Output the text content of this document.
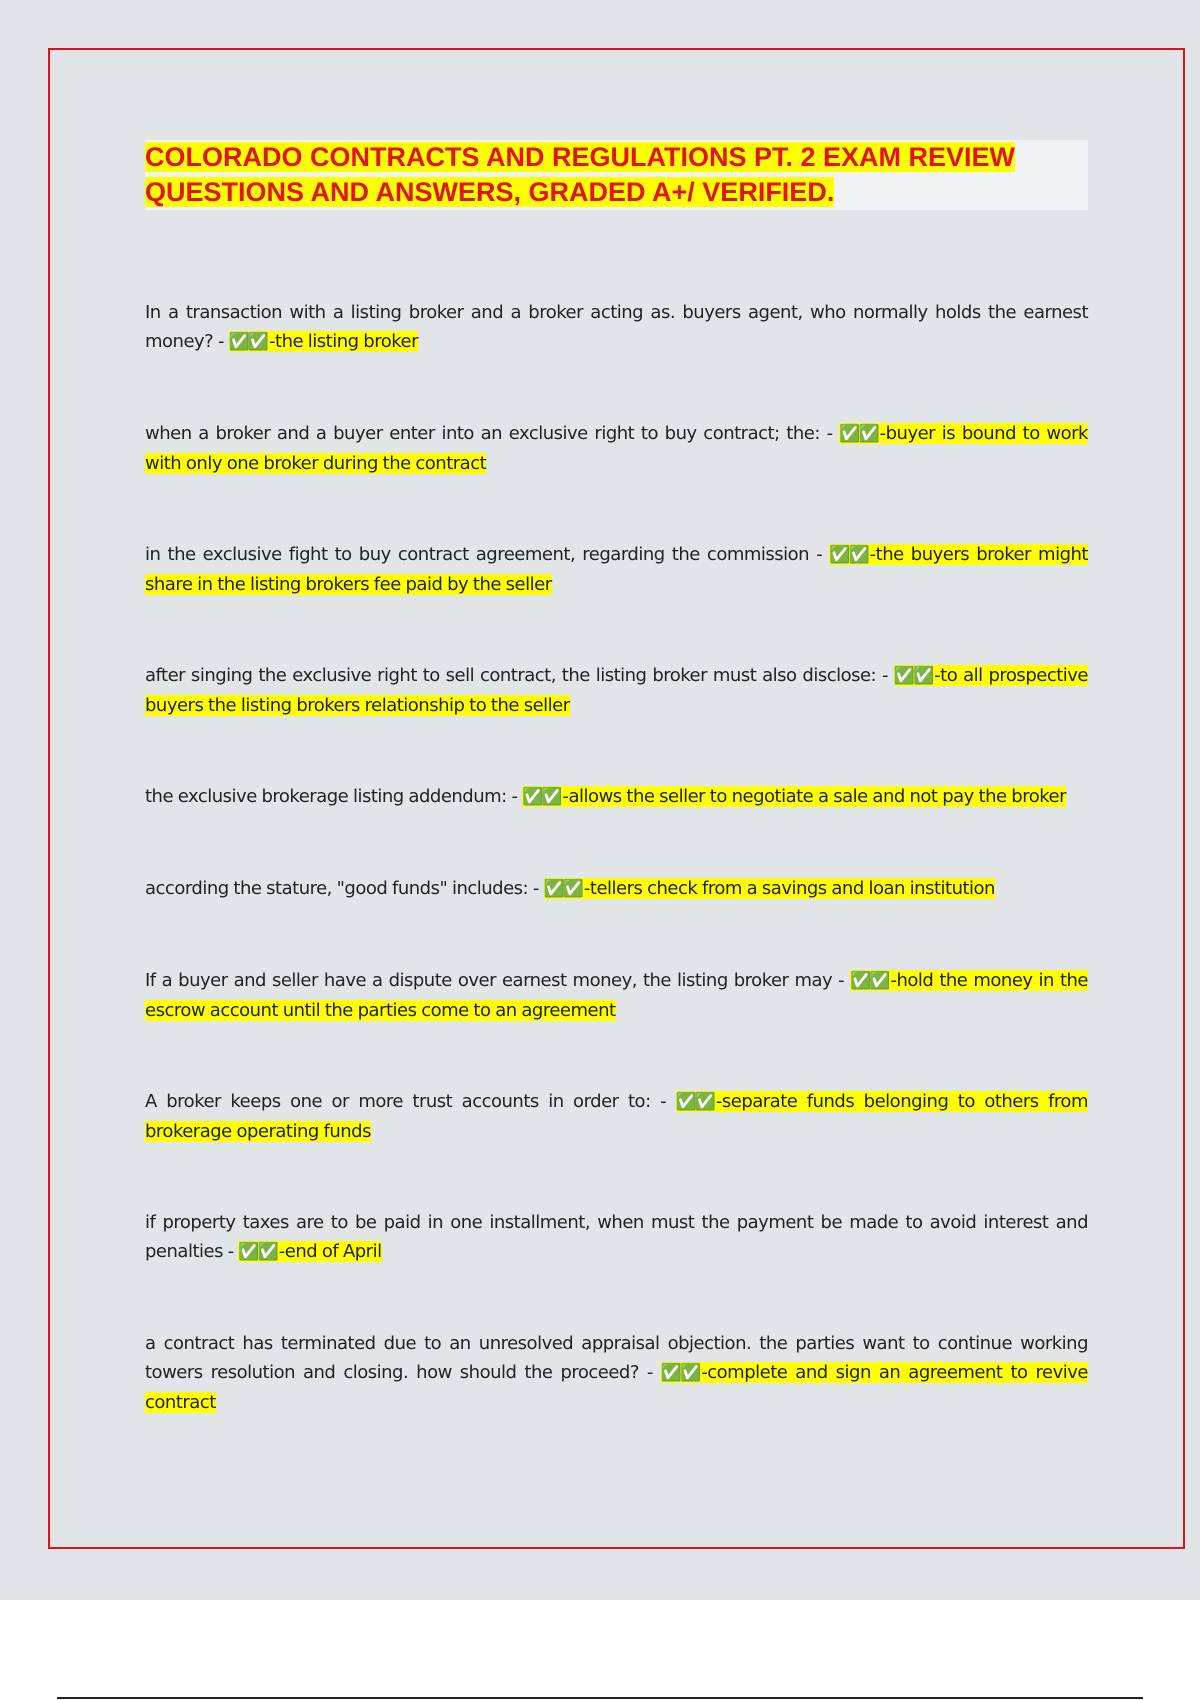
COLORADO CONTRACTS AND REGULATIONS PT. 2 EXAM REVIEW QUESTIONS AND ANSWERS, GRADED A+/ VERIFIED.

In a transaction with a listing broker and a broker acting as. buyers agent, who normally holds the earnest money? - ✅✅ -the listing broker

when a broker and a buyer enter into an exclusive right to buy contract; the: - ✅✅ -buyer is bound to work with only one broker during the contract

in the exclusive fight to buy contract agreement, regarding the commission - ✅✅ -the buyers broker might share in the listing brokers fee paid by the seller

after singing the exclusive right to sell contract, the listing broker must also disclose: - ✅✅ -to all prospective buyers the listing brokers relationship to the seller

the exclusive brokerage listing addendum: - ✅✅ -allows the seller to negotiate a sale and not pay the broker

according the stature, "good funds" includes: - ✅✅ -tellers check from a savings and loan institution

If a buyer and seller have a dispute over earnest money, the listing broker may - ✅✅ -hold the money in the escrow account until the parties come to an agreement

A broker keeps one or more trust accounts in order to: - ✅✅ -separate funds belonging to others from brokerage operating funds

if property taxes are to be paid in one installment, when must the payment be made to avoid interest and penalties - ✅✅ -end of April

a contract has terminated due to an unresolved appraisal objection. the parties want to continue working towers resolution and closing. how should the proceed? - ✅✅ -complete and sign an agreement to revive contract
